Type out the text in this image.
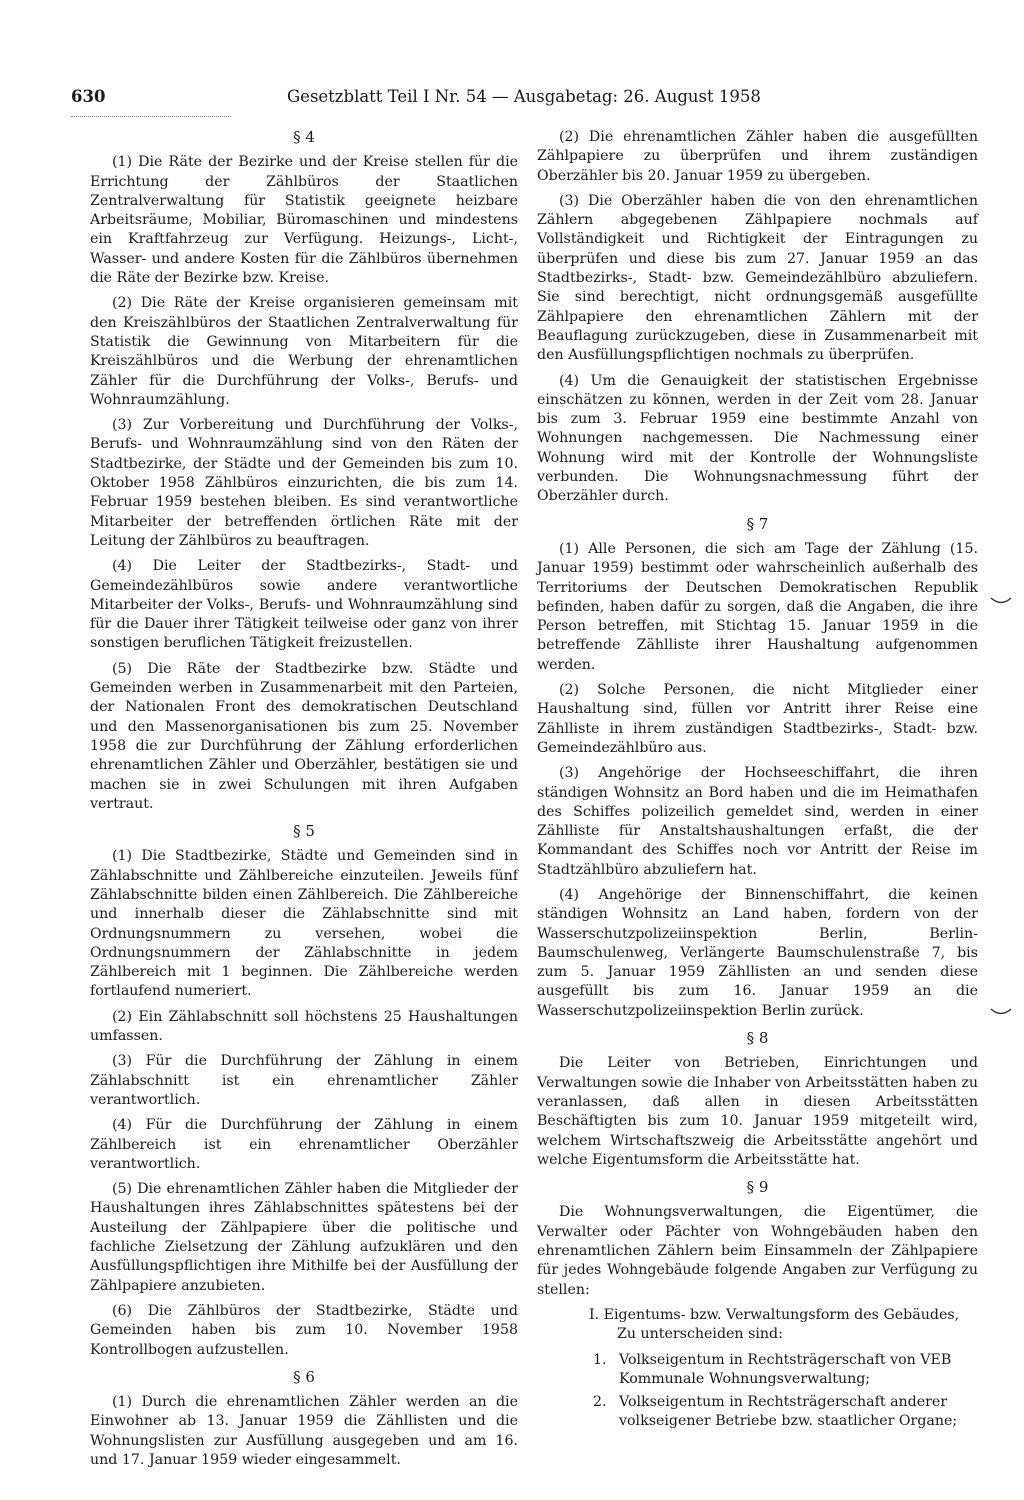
630	Gesetzblatt Teil I Nr. 54 — Ausgabetag: 26. August 1958

§ 4

(1) Die Räte der Bezirke und der Kreise stellen für die Errichtung der Zählbüros der Staatlichen Zentralverwaltung für Statistik geeignete heizbare Arbeitsräume, Mobiliar, Büromaschinen und mindestens ein Kraftfahrzeug zur Verfügung. Heizungs-, Licht-, Wasser- und andere Kosten für die Zählbüros übernehmen die Räte der Bezirke bzw. Kreise.

(2) Die Räte der Kreise organisieren gemeinsam mit den Kreiszählbüros der Staatlichen Zentralverwaltung für Statistik die Gewinnung von Mitarbeitern für die Kreiszählbüros und die Werbung der ehrenamtlichen Zähler für die Durchführung der Volks-, Berufs- und Wohnraumzählung.

(3) Zur Vorbereitung und Durchführung der Volks-, Berufs- und Wohnraumzählung sind von den Räten der Stadtbezirke, der Städte und der Gemeinden bis zum 10. Oktober 1958 Zählbüros einzurichten, die bis zum 14. Februar 1959 bestehen bleiben. Es sind verantwortliche Mitarbeiter der betreffenden örtlichen Räte mit der Leitung der Zählbüros zu beauftragen.

(4) Die Leiter der Stadtbezirks-, Stadt- und Gemeindezählbüros sowie andere verantwortliche Mitarbeiter der Volks-, Berufs- und Wohnraumzählung sind für die Dauer ihrer Tätigkeit teilweise oder ganz von ihrer sonstigen beruflichen Tätigkeit freizustellen.

(5) Die Räte der Stadtbezirke bzw. Städte und Gemeinden werben in Zusammenarbeit mit den Parteien, der Nationalen Front des demokratischen Deutschland und den Massenorganisationen bis zum 25. November 1958 die zur Durchführung der Zählung erforderlichen ehrenamtlichen Zähler und Oberzähler, bestätigen sie und machen sie in zwei Schulungen mit ihren Aufgaben vertraut.

§ 5

(1) Die Stadtbezirke, Städte und Gemeinden sind in Zählabschnitte und Zählbereiche einzuteilen. Jeweils fünf Zählabschnitte bilden einen Zählbereich. Die Zählbereiche und innerhalb dieser die Zählabschnitte sind mit Ordnungsnummern zu versehen, wobei die Ordnungsnummern der Zählabschnitte in jedem Zählbereich mit 1 beginnen. Die Zählbereiche werden fortlaufend numeriert.

(2) Ein Zählabschnitt soll höchstens 25 Haushaltungen umfassen.

(3) Für die Durchführung der Zählung in einem Zählabschnitt ist ein ehrenamtlicher Zähler verantwortlich.

(4) Für die Durchführung der Zählung in einem Zählbereich ist ein ehrenamtlicher Oberzähler verantwortlich.

(5) Die ehrenamtlichen Zähler haben die Mitglieder der Haushaltungen ihres Zählabschnittes spätestens bei der Austeilung der Zählpapiere über die politische und fachliche Zielsetzung der Zählung aufzuklären und den Ausfüllungspflichtigen ihre Mithilfe bei der Ausfüllung der Zählpapiere anzubieten.

(6) Die Zählbüros der Stadtbezirke, Städte und Gemeinden haben bis zum 10. November 1958 Kontrollbogen aufzustellen.

§ 6

(1) Durch die ehrenamtlichen Zähler werden an die Einwohner ab 13. Januar 1959 die Zähllisten und die Wohnungslisten zur Ausfüllung ausgegeben und am 16. und 17. Januar 1959 wieder eingesammelt.

(2) Die ehrenamtlichen Zähler haben die ausgefüllten Zählpapiere zu überprüfen und ihrem zuständigen Oberzähler bis 20. Januar 1959 zu übergeben.

(3) Die Oberzähler haben die von den ehrenamtlichen Zählern abgegebenen Zählpapiere nochmals auf Vollständigkeit und Richtigkeit der Eintragungen zu überprüfen und diese bis zum 27. Januar 1959 an das Stadtbezirks-, Stadt- bzw. Gemeindezählbüro abzuliefern. Sie sind berechtigt, nicht ordnungsgemäß ausgefüllte Zählpapiere den ehrenamtlichen Zählern mit der Beauflagung zurückzugeben, diese in Zusammenarbeit mit den Ausfüllungspflichtigen nochmals zu überprüfen.

(4) Um die Genauigkeit der statistischen Ergebnisse einschätzen zu können, werden in der Zeit vom 28. Januar bis zum 3. Februar 1959 eine bestimmte Anzahl von Wohnungen nachgemessen. Die Nachmessung einer Wohnung wird mit der Kontrolle der Wohnungsliste verbunden. Die Wohnungsnachmessung führt der Oberzähler durch.

§ 7

(1) Alle Personen, die sich am Tage der Zählung (15. Januar 1959) bestimmt oder wahrscheinlich außerhalb des Territoriums der Deutschen Demokratischen Republik befinden, haben dafür zu sorgen, daß die Angaben, die ihre Person betreffen, mit Stichtag 15. Januar 1959 in die betreffende Zählliste ihrer Haushaltung aufgenommen werden.

(2) Solche Personen, die nicht Mitglieder einer Haushaltung sind, füllen vor Antritt ihrer Reise eine Zählliste in ihrem zuständigen Stadtbezirks-, Stadt- bzw. Gemeindezählbüro aus.

(3) Angehörige der Hochseeschiffahrt, die ihren ständigen Wohnsitz an Bord haben und die im Heimathafen des Schiffes polizeilich gemeldet sind, werden in einer Zählliste für Anstaltshaushaltungen erfaßt, die der Kommandant des Schiffes noch vor Antritt der Reise im Stadtzählbüro abzuliefern hat.

(4) Angehörige der Binnenschiffahrt, die keinen ständigen Wohnsitz an Land haben, fordern von der Wasserschutzpolizeiinspektion Berlin, Berlin-Baumschulenweg, Verlängerte Baumschulenstraße 7, bis zum 5. Januar 1959 Zähllisten an und senden diese ausgefüllt bis zum 16. Januar 1959 an die Wasserschutzpolizeiinspektion Berlin zurück.

§ 8

Die Leiter von Betrieben, Einrichtungen und Verwaltungen sowie die Inhaber von Arbeitsstätten haben zu veranlassen, daß allen in diesen Arbeitsstätten Beschäftigten bis zum 10. Januar 1959 mitgeteilt wird, welchem Wirtschaftszweig die Arbeitsstätte angehört und welche Eigentumsform die Arbeitsstätte hat.

§ 9

Die Wohnungsverwaltungen, die Eigentümer, die Verwalter oder Pächter von Wohngebäuden haben den ehrenamtlichen Zählern beim Einsammeln der Zählpapiere für jedes Wohngebäude folgende Angaben zur Verfügung zu stellen:

I. Eigentums- bzw. Verwaltungsform des Gebäudes,

Zu unterscheiden sind:

1. Volkseigentum in Rechtsträgerschaft von VEB Kommunale Wohnungsverwaltung;
2. Volkseigentum in Rechtsträgerschaft anderer volkseigener Betriebe bzw. staatlicher Organe;
